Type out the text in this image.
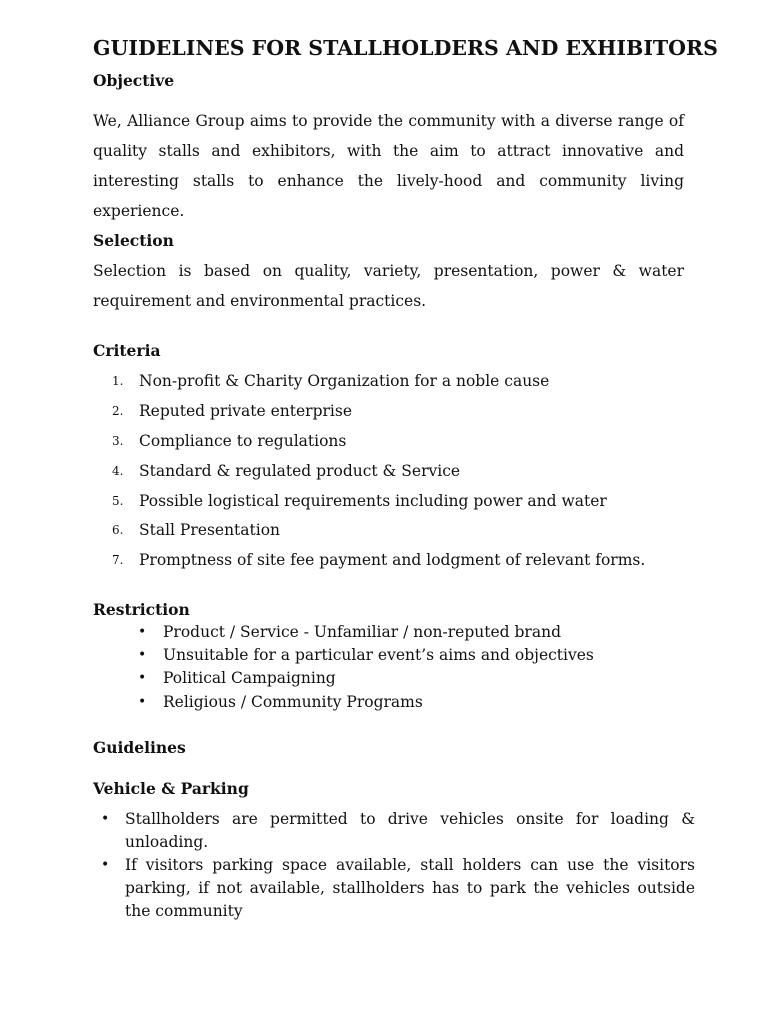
GUIDELINES FOR STALLHOLDERS AND EXHIBITORS
Objective

We, Alliance Group aims to provide the community with a diverse range of quality stalls and exhibitors, with the aim to attract innovative and interesting stalls to enhance the lively-hood and community living experience.

Selection

Selection is based on quality, variety, presentation, power & water requirement and environmental practices.

Criteria
1.	Non-profit & Charity Organization for a noble cause
2.	Reputed private enterprise
3.	Compliance to regulations
4.	Standard & regulated product & Service
5.	Possible logistical requirements including power and water
6.	Stall Presentation
7.	Promptness of site fee payment and lodgment of relevant forms.
Restriction
• Product / Service - Unfamiliar / non-reputed brand
• Unsuitable for a particular event’s aims and objectives
• Political Campaigning
• Religious / Community Programs
Guidelines
Vehicle & Parking
• Stallholders are permitted to drive vehicles onsite for loading & unloading.
• If visitors parking space available, stall holders can use the visitors parking, if not available, stallholders has to park the vehicles outside the community
